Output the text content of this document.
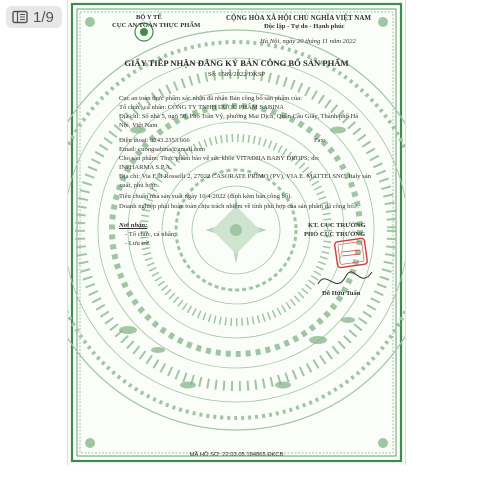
1/9	BỘ Y TẾ
CỤC AN TOÀN THỰC PHẨM
CỘNG HÒA XÃ HỘI CHỦ NGHĨA VIỆT NAM
Độc lập - Tự do - Hạnh phúc
Hà Nội, ngày 20 tháng 11 năm 2022
GIẤY TIẾP NHẬN ĐĂNG KÝ BẢN CÔNG BỐ SẢN PHẨM
Số: 6589/2022/ĐKSP
Cục an toàn thực phẩm xác nhận đã nhận Bản công bố sản phẩm của:
Tổ chức, cá nhân: CÔNG TY TNHH DƯỢC PHẨM SABINA
Địa chỉ: Số nhà 5, ngõ 58, Phố Trần Vỹ, phường Mai Dịch, Quận Cầu Giấy, Thành phố Hà
Nội, Việt Nam
Điện thoại: 0243.2353.666	Fax:
Email: cuongsabina@gmail.com
Cho sản phẩm: Thực phẩm bảo vệ sức khỏe VITADHA BABY DROPS; do:
INPHARMA S.P.A.
Địa chỉ: Via F.lli Rosselli 2, 27022 CASORATE PRIMO (PV), VIA E. MATTEI SNC, Italy sản
xuất, phù hợp:
Tiêu chuẩn nhà sản xuất ngày 10/4/2022 (đính kèm bản công bố).
Doanh nghiệp phải hoàn toàn chịu trách nhiệm về tính phù hợp của sản phẩm đã công bố./.
Nơi nhận:
- Tổ chức, cá nhân;
- Lưu trữ.
KT. CỤC TRƯỞNG
PHÓ CỤC TRƯỞNG
Đỗ Hữu Tuấn
MÃ HỒ SƠ: 22.03.05.184865.ĐKCB
